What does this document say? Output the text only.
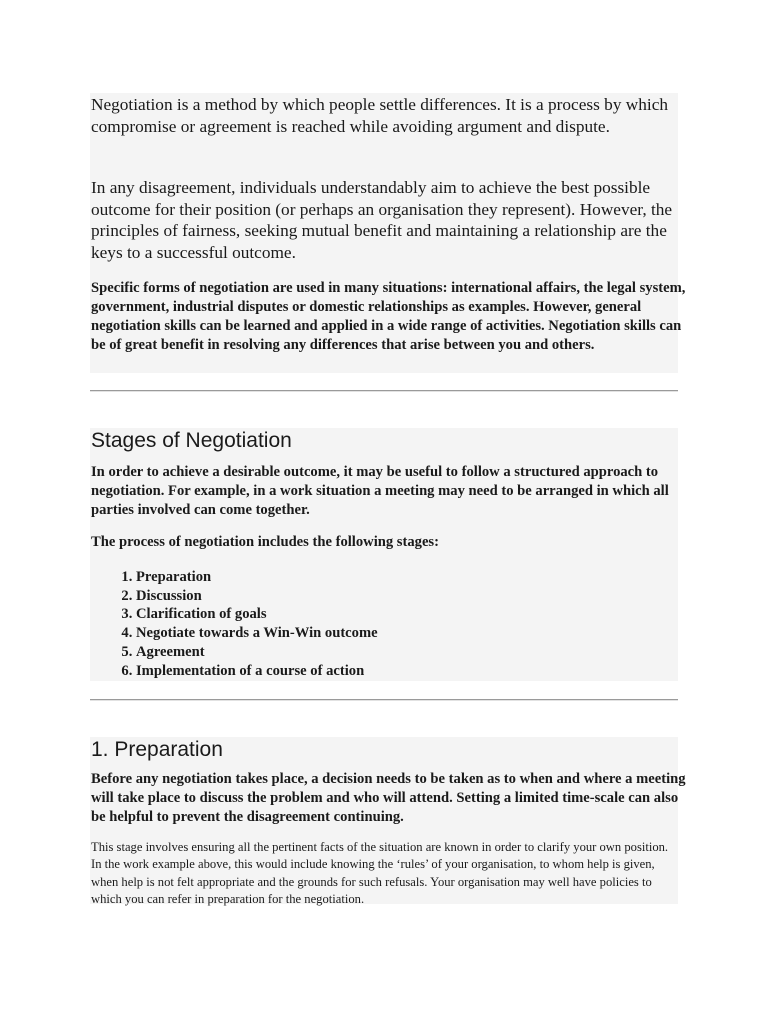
Negotiation is a method by which people settle differences. It is a process by which compromise or agreement is reached while avoiding argument and dispute.

In any disagreement, individuals understandably aim to achieve the best possible outcome for their position (or perhaps an organisation they represent). However, the principles of fairness, seeking mutual benefit and maintaining a relationship are the keys to a successful outcome.

Specific forms of negotiation are used in many situations: international affairs, the legal system, government, industrial disputes or domestic relationships as examples. However, general negotiation skills can be learned and applied in a wide range of activities. Negotiation skills can be of great benefit in resolving any differences that arise between you and others.

Stages of Negotiation

In order to achieve a desirable outcome, it may be useful to follow a structured approach to negotiation. For example, in a work situation a meeting may need to be arranged in which all parties involved can come together.

The process of negotiation includes the following stages:

1. Preparation
2. Discussion
3. Clarification of goals
4. Negotiate towards a Win-Win outcome
5. Agreement
6. Implementation of a course of action
1. Preparation

Before any negotiation takes place, a decision needs to be taken as to when and where a meeting will take place to discuss the problem and who will attend. Setting a limited time-scale can also be helpful to prevent the disagreement continuing.

This stage involves ensuring all the pertinent facts of the situation are known in order to clarify your own position. In the work example above, this would include knowing the ‘rules’ of your organisation, to whom help is given, when help is not felt appropriate and the grounds for such refusals. Your organisation may well have policies to which you can refer in preparation for the negotiation.
